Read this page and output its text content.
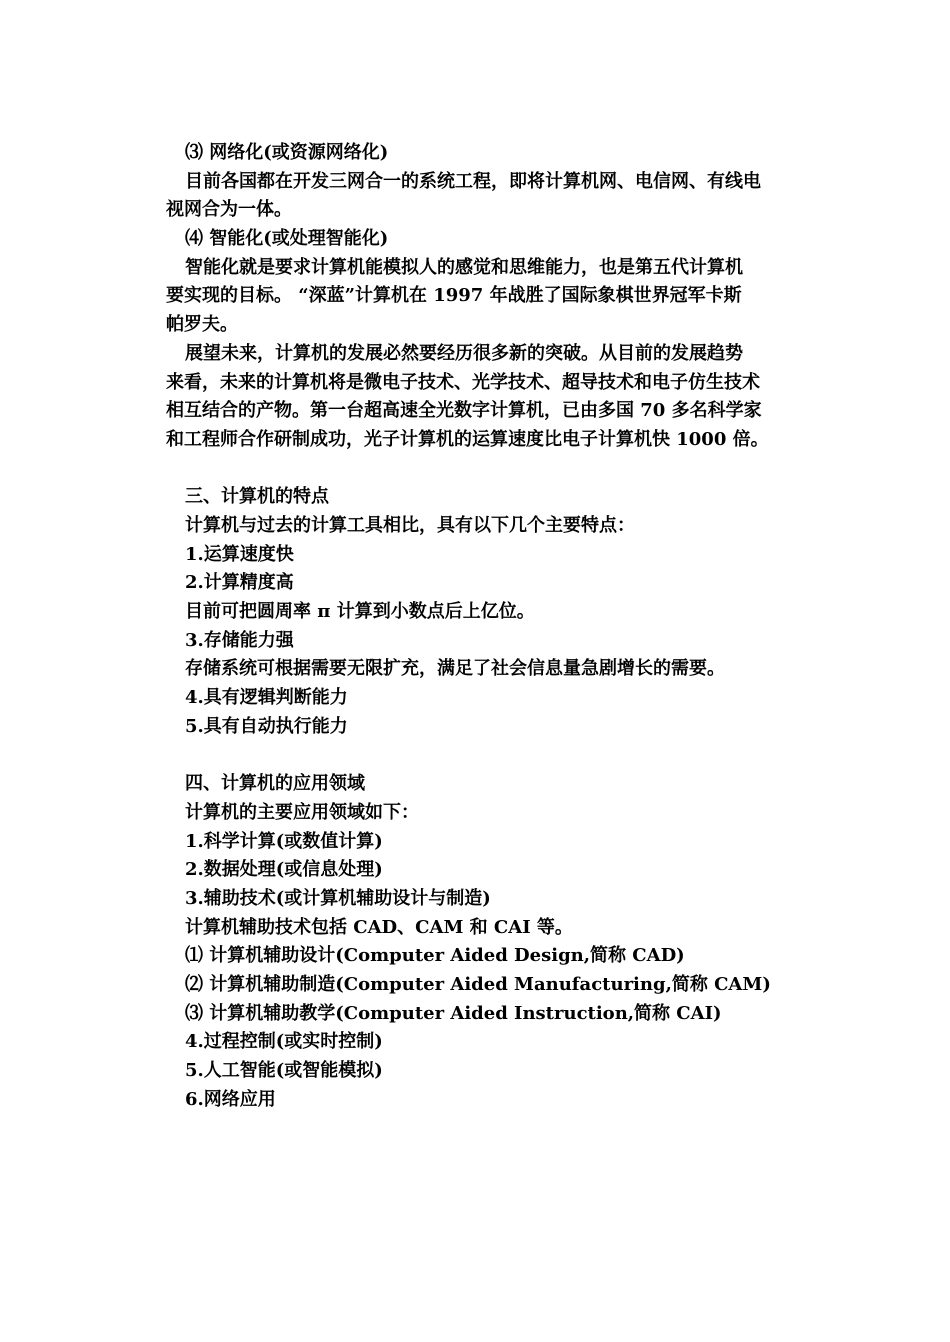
⑶ 网络化(或资源网络化)
目前各国都在开发三网合一的系统工程，即将计算机网、电信网、有线电
视网合为一体。
⑷ 智能化(或处理智能化)
智能化就是要求计算机能模拟人的感觉和思维能力，也是第五代计算机
要实现的目标。 “深蓝”计算机在 1997 年战胜了国际象棋世界冠军卡斯
帕罗夫。
展望未来，计算机的发展必然要经历很多新的突破。从目前的发展趋势
来看，未来的计算机将是微电子技术、光学技术、超导技术和电子仿生技术
相互结合的产物。第一台超高速全光数字计算机，已由多国 70 多名科学家
和工程师合作研制成功，光子计算机的运算速度比电子计算机快 1000 倍。
三、计算机的特点
计算机与过去的计算工具相比，具有以下几个主要特点：
1.运算速度快
2.计算精度高
目前可把圆周率 π 计算到小数点后上亿位。
3.存储能力强
存储系统可根据需要无限扩充，满足了社会信息量急剧增长的需要。
4.具有逻辑判断能力
5.具有自动执行能力
四、计算机的应用领域
计算机的主要应用领域如下：
1.科学计算(或数值计算)
2.数据处理(或信息处理)
3.辅助技术(或计算机辅助设计与制造)
计算机辅助技术包括 CAD、CAM 和 CAI 等。
⑴ 计算机辅助设计(Computer Aided Design,简称 CAD)
⑵ 计算机辅助制造(Computer Aided Manufacturing,简称 CAM)
⑶ 计算机辅助教学(Computer Aided Instruction,简称 CAI)
4.过程控制(或实时控制)
5.人工智能(或智能模拟)
6.网络应用
